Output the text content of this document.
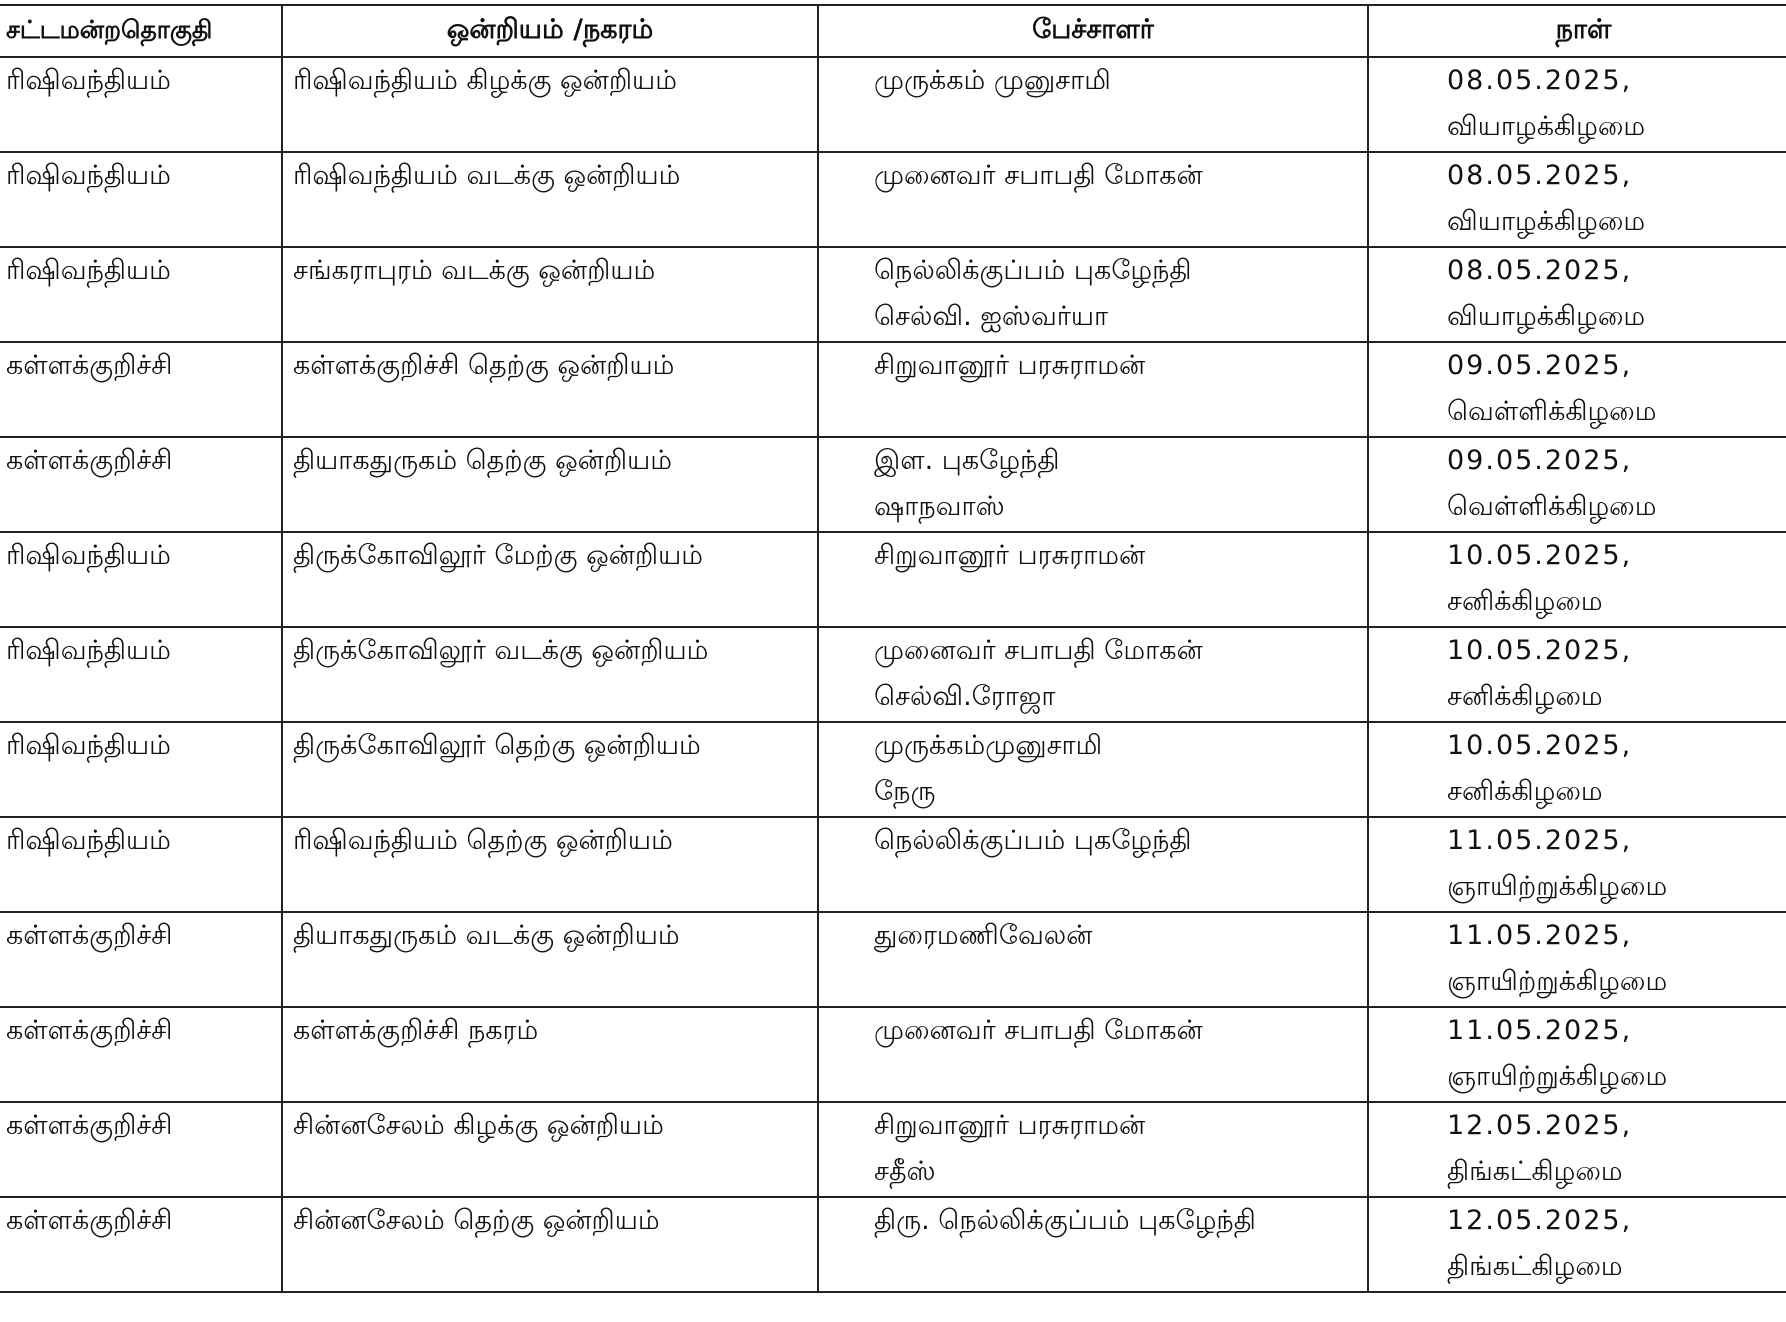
சட்டமன்றதொகுதி	ஒன்றியம் /நகரம்	பேச்சாளர்	நாள்

ரிஷிவந்தியம்	ரிஷிவந்தியம் கிழக்கு ஒன்றியம்	முருக்கம் முனுசாமி	08.05.2025,
வியாழக்கிழமை

ரிஷிவந்தியம்	ரிஷிவந்தியம் வடக்கு ஒன்றியம்	முனைவர் சபாபதி மோகன்	08.05.2025,
வியாழக்கிழமை

ரிஷிவந்தியம்	சங்கராபுரம் வடக்கு ஒன்றியம்	நெல்லிக்குப்பம் புகழேந்தி
செல்வி. ஐஸ்வர்யா	08.05.2025,
வியாழக்கிழமை

கள்ளக்குறிச்சி	கள்ளக்குறிச்சி தெற்கு ஒன்றியம்	சிறுவானூர் பரசுராமன்	09.05.2025,
வெள்ளிக்கிழமை

கள்ளக்குறிச்சி	தியாகதுருகம் தெற்கு ஒன்றியம்	இள. புகழேந்தி
ஷாநவாஸ்	09.05.2025,
வெள்ளிக்கிழமை

ரிஷிவந்தியம்	திருக்கோவிலூர் மேற்கு ஒன்றியம்	சிறுவானூர் பரசுராமன்	10.05.2025,
சனிக்கிழமை

ரிஷிவந்தியம்	திருக்கோவிலூர் வடக்கு ஒன்றியம்	முனைவர் சபாபதி மோகன்
செல்வி.ரோஜா	10.05.2025,
சனிக்கிழமை

ரிஷிவந்தியம்	திருக்கோவிலூர் தெற்கு ஒன்றியம்	முருக்கம்முனுசாமி
நேரு	10.05.2025,
சனிக்கிழமை

ரிஷிவந்தியம்	ரிஷிவந்தியம் தெற்கு ஒன்றியம்	நெல்லிக்குப்பம் புகழேந்தி	11.05.2025,
ஞாயிற்றுக்கிழமை

கள்ளக்குறிச்சி	தியாகதுருகம் வடக்கு ஒன்றியம்	துரைமணிவேலன்	11.05.2025,
ஞாயிற்றுக்கிழமை

கள்ளக்குறிச்சி	கள்ளக்குறிச்சி நகரம்	முனைவர் சபாபதி மோகன்	11.05.2025,
ஞாயிற்றுக்கிழமை

கள்ளக்குறிச்சி	சின்னசேலம் கிழக்கு ஒன்றியம்	சிறுவானூர் பரசுராமன்
சதீஸ்	12.05.2025,
திங்கட்கிழமை

கள்ளக்குறிச்சி	சின்னசேலம் தெற்கு ஒன்றியம்	திரு. நெல்லிக்குப்பம் புகழேந்தி	12.05.2025,
திங்கட்கிழமை
